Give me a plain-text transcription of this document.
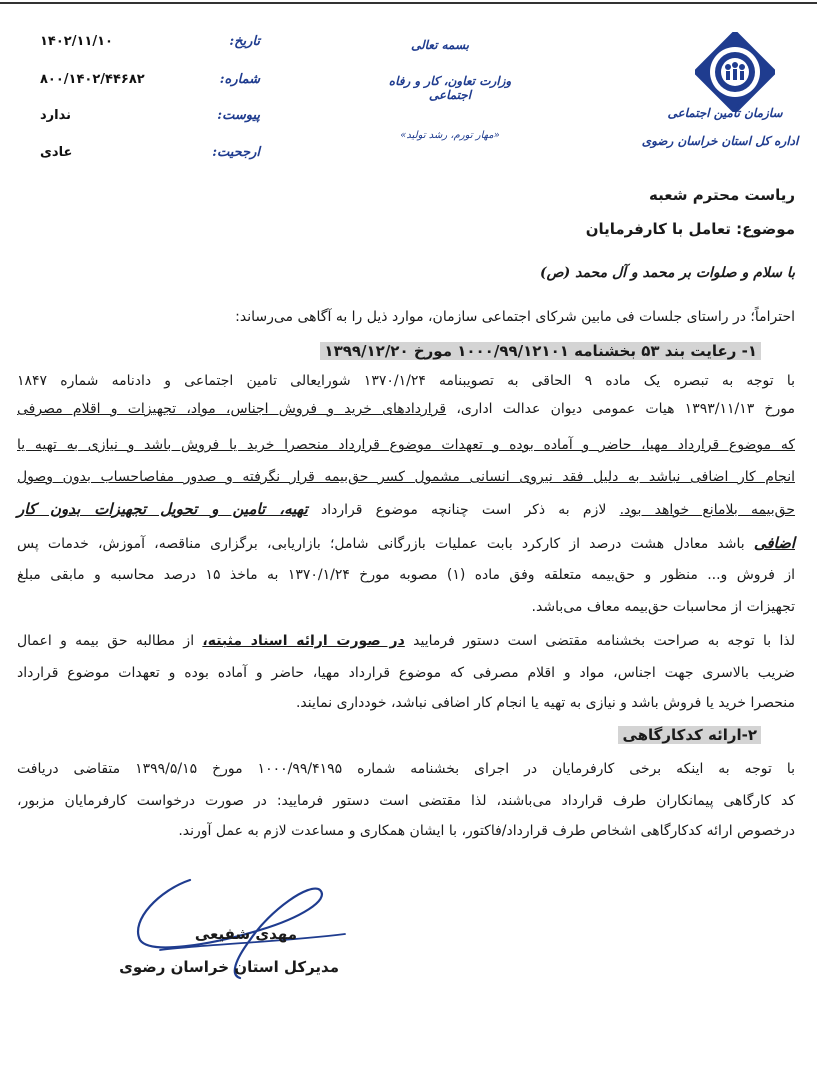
سازمان تأمین اجتماعی
اداره کل استان خراسان رضوی
بسمه تعالی
وزارت تعاون، کار و رفاه اجتماعی
«مهار تورم، رشد تولید»
تاریخ:
۱۴۰۲/۱۱/۱۰
شماره:
۸۰۰/۱۴۰۲/۴۴۶۸۲
پیوست:
ندارد
ارجحیت:
عادی
ریاست محترم شعبه
موضوع: تعامل با کارفرمایان
با سلام و صلوات بر محمد و آل محمد (ص)
احتراماً؛ در راستای جلسات فی مابین شرکای اجتماعی سازمان، موارد ذیل را به آگاهی می‌رساند:
۱- رعایت بند ۵۳ بخشنامه ۱۰۰۰/۹۹/۱۲۱۰۱ مورخ ۱۳۹۹/۱۲/۲۰
با توجه به تبصره یک ماده ۹ الحاقی به تصویبنامه ۱۳۷۰/۱/۲۴ شورایعالی تامین اجتماعی و دادنامه شماره ۱۸۴۷
مورخ ۱۳۹۳/۱۱/۱۳ هیات عمومی دیوان عدالت اداری، قراردادهای خرید و فروش اجناس، مواد، تجهیزات و اقلام مصرفی
که موضوع قرارداد مهیا، حاضر و آماده بوده و تعهدات موضوع قرارداد منحصرا خرید یا فروش باشد و نیازی به تهیه یا
انجام کار اضافی نباشد به دلیل فقد نیروی انسانی مشمول کسر حق‌بیمه قرار نگرفته و صدور مفاصاحساب بدون وصول
حق‌بیمه بلامانع خواهد بود. لازم به ذکر است چنانچه موضوع قرارداد تهیه، تامین و تحویل تجهیزات بدون کار
اضافی باشد معادل هشت درصد از کارکرد بابت عملیات بازرگانی شامل؛ بازاریابی، برگزاری مناقصه، آموزش، خدمات پس
از فروش و... منظور و حق‌بیمه متعلقه وفق ماده (۱) مصوبه مورخ ۱۳۷۰/۱/۲۴ به ماخذ ۱۵ درصد محاسبه و مابقی مبلغ
تجهیزات از محاسبات حق‌بیمه معاف می‌باشد.
لذا با توجه به صراحت بخشنامه مقتضی است دستور فرمایید در صورت ارائه اسناد مثبته، از مطالبه حق بیمه و اعمال
ضریب بالاسری جهت اجناس، مواد و اقلام مصرفی که موضوع قرارداد مهیا، حاضر و آماده بوده و تعهدات موضوع قرارداد
منحصرا خرید یا فروش باشد و نیازی به تهیه یا انجام کار اضافی نباشد، خودداری نمایند.
۲-ارائه کدکارگاهی
با توجه به اینکه برخی کارفرمایان در اجرای بخشنامه شماره ۱۰۰۰/۹۹/۴۱۹۵ مورخ ۱۳۹۹/۵/۱۵ متقاضی دریافت
کد کارگاهی پیمانکاران طرف قرارداد می‌باشند، لذا مقتضی است دستور فرمایید: در صورت درخواست کارفرمایان مزبور،
درخصوص ارائه کدکارگاهی اشخاص طرف قرارداد/فاکتور، با ایشان همکاری و مساعدت لازم به عمل آورند.
مهدی شفیعی
مدیرکل استان خراسان رضوی
